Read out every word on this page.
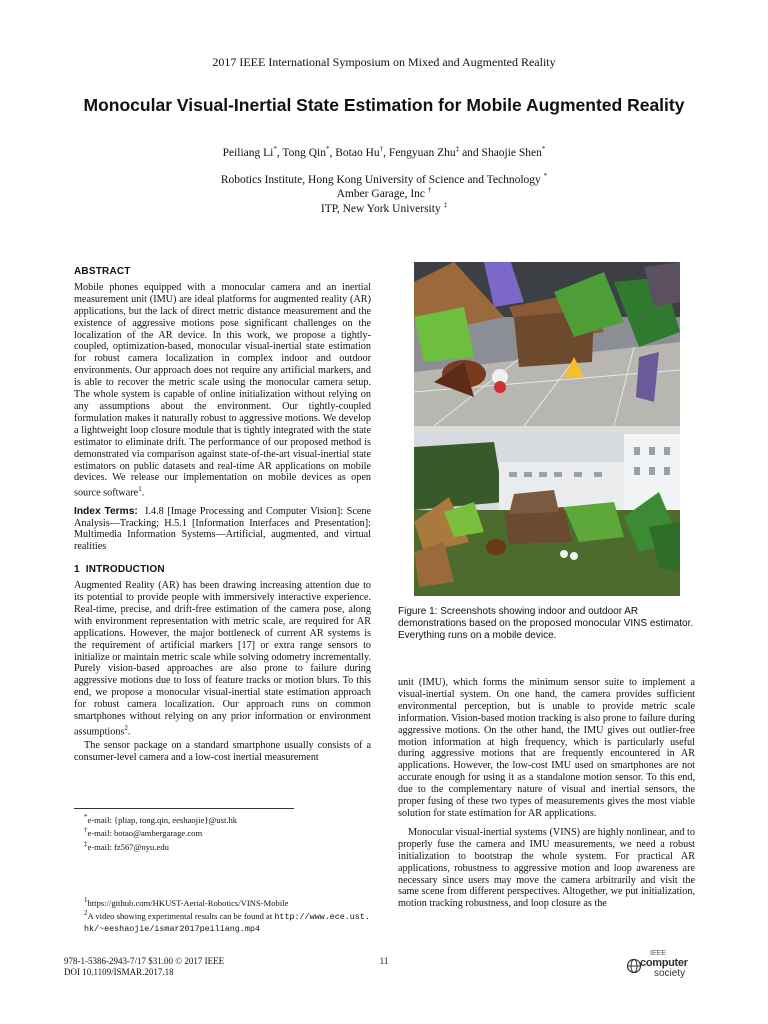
2017 IEEE International Symposium on Mixed and Augmented Reality
Monocular Visual-Inertial State Estimation for Mobile Augmented Reality
Peiliang Li*, Tong Qin*, Botao Hu†, Fengyuan Zhu‡ and Shaojie Shen*
Robotics Institute, Hong Kong University of Science and Technology *
Amber Garage, Inc †
ITP, New York University ‡
ABSTRACT

Mobile phones equipped with a monocular camera and an inertial measurement unit (IMU) are ideal platforms for augmented reality (AR) applications, but the lack of direct metric distance measurement and the existence of aggressive motions pose significant challenges on the localization of the AR device. In this work, we propose a tightly-coupled, optimization-based, monocular visual-inertial state estimation for robust camera localization in complex indoor and outdoor environments. Our approach does not require any artificial markers, and is able to recover the metric scale using the monocular camera setup. The whole system is capable of online initialization without relying on any assumptions about the environment. Our tightly-coupled formulation makes it naturally robust to aggressive motions. We develop a lightweight loop closure module that is tightly integrated with the state estimator to eliminate drift. The performance of our proposed method is demonstrated via comparison against state-of-the-art visual-inertial state estimators on public datasets and real-time AR applications on mobile devices. We release our implementation on mobile devices as open source software$^1$.

Index Terms: I.4.8 [Image Processing and Computer Vision]: Scene Analysis—Tracking; H.5.1 [Information Interfaces and Presentation]: Multimedia Information Systems—Artificial, augmented, and virtual realities

1 INTRODUCTION

Augmented Reality (AR) has been drawing increasing attention due to its potential to provide people with immersively interactive experience. Real-time, precise, and drift-free estimation of the camera pose, along with environment representation with metric scale, are required for AR applications. However, the major bottleneck of current AR systems is the requirement of artificial markers [17] or extra range sensors to initialize or maintain metric scale while solving odometry incrementally. Purely vision-based approaches are also prone to failure during aggressive motions due to loss of feature tracks or motion blurs. To this end, we propose a monocular visual-inertial state estimation approach for robust camera localization. Our approach runs on common smartphones without relying on any prior information or environment assumptions$^2$.

The sensor package on a standard smartphone usually consists of a consumer-level camera and a low-cost inertial measurement

*e-mail: {pliap, tong.qin, eeshaojie}@ust.hk
†e-mail: botao@ambergarage.com
‡e-mail: fz567@nyu.edu
$^1$https://github.com/HKUST-Aerial-Robotics/VINS-Mobile
$^2$A video showing experimental results can be found at http://www.ece.ust.hk/~eeshaojie/ismar2017peiliang.mp4
Figure 1: Screenshots showing indoor and outdoor AR demonstrations based on the proposed monocular VINS estimator. Everything runs on a mobile device.

unit (IMU), which forms the minimum sensor suite to implement a visual-inertial system. On one hand, the camera provides sufficient environmental perception, but is unable to provide metric scale information. Vision-based motion tracking is also prone to failure during aggressive motions. On the other hand, the IMU gives out outlier-free motion information at high frequency, which is particularly useful during aggressive motions that are frequently encountered in AR applications. However, the low-cost IMU used on smartphones are not accurate enough for using it as a standalone motion sensor. To this end, due to the complementary nature of visual and inertial sensors, the proper fusing of these two types of measurements gives the most viable solution for state estimation for AR applications.

Monocular visual-inertial systems (VINS) are highly nonlinear, and to properly fuse the camera and IMU measurements, we need a robust initialization to bootstrap the whole system. For practical AR applications, robustness to aggressive motion and loop awareness are necessary since users may move the camera arbitrarily and visit the same scene from different perspectives. Altogether, we put initialization, motion tracking robustness, and loop closure as the

978-1-5386-2943-7/17 $31.00 © 2017 IEEE
DOI 10.1109/ISMAR.2017.18
11
IEEE
computer
society
